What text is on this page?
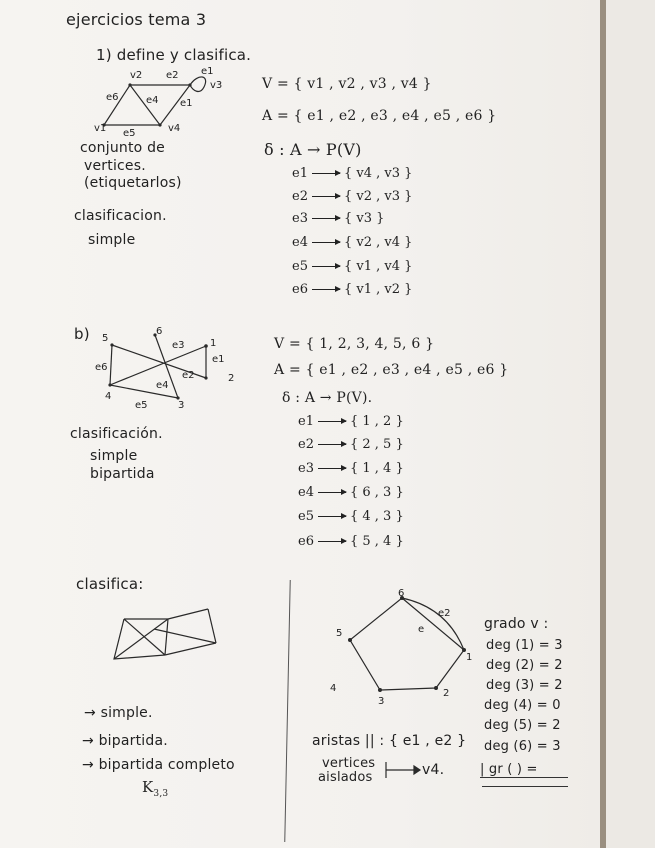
ejercicios tema 3
1) define y clasifica.
v2 e2 e1
v3
e6	e4 e1
v1 e5	v4
conjunto de
vertices.
(etiquetarlos)
clasificacion.
simple
V = { v1 , v2 , v3 , v4 }
A = { e1 , e2 , e3 , e4 , e5 , e6 }
δ : A → P(V)
e1	{ v4 , v3 }
e2	{ v2 , v3 }
e3	{ v3 }
e4	{ v2 , v4 }
e5	{ v1 , v4 }
e6	{ v1 , v2 }
b) 5
6
e3	1
e1
e6
e4
e2	2
4
e5	3
clasificación.
simple
bipartida
V = { 1, 2, 3, 4, 5, 6 }
A = { e1 , e2 , e3 , e4 , e5 , e6 }
δ : A → P(V).
e1	{ 1 , 2 }
e2	{ 2 , 5 }
e3	{ 1 , 4 }
e4	{ 6 , 3 }
e5	{ 4 , 3 }
e6	{ 5 , 4 }
clasifica:
→ simple.
→ bipartida.
→ bipartida completo
$K_{3,3}$
6
e2
e
5
1
4	2
3
aristas || : { e1 , e2 }
vertices
aislados	v4.
grado v :
deg (1) = 3
deg (2) = 2
deg (3) = 2
deg (4) = 0
deg (5) = 2
deg (6) = 3
| gr ( ) =
